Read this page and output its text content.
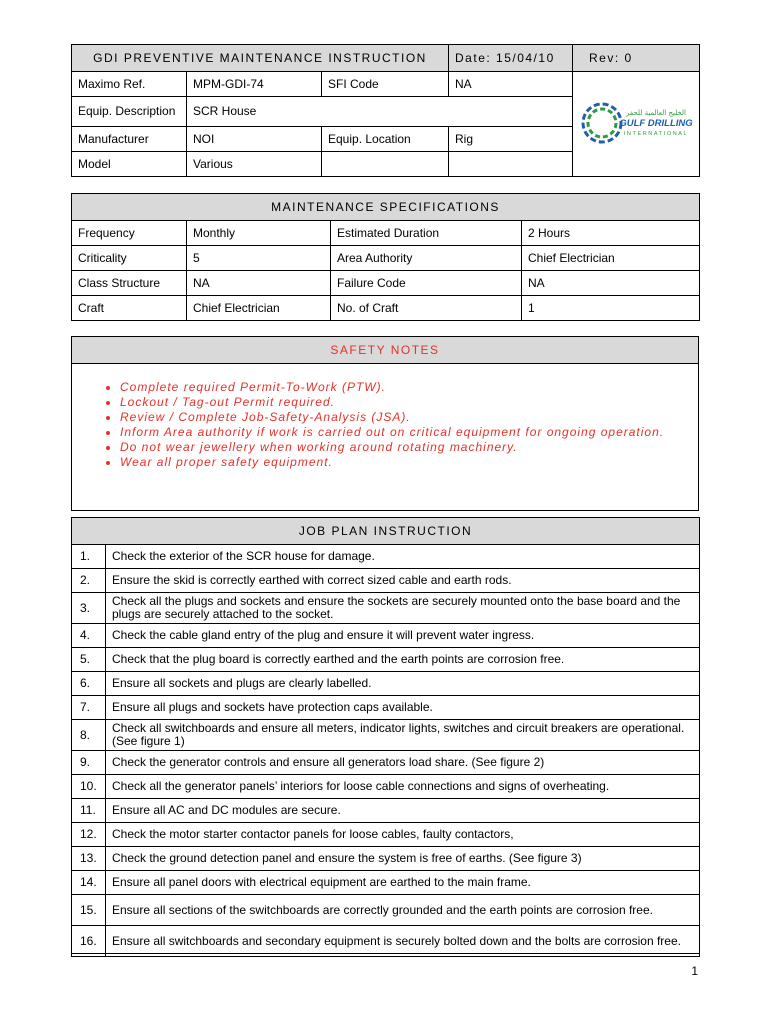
GDI PREVENTIVE MAINTENANCE INSTRUCTION			Date: 15/04/10	Rev: 0
Maximo Ref.	MPM-GDI-74	SFI Code	NA	الخليج العالمية للحفر
GULF DRILLING
INTERNATIONAL

Equip. Description	SCR House			
Manufacturer	NOI	Equip. Location	Rig	
Model	Various			
MAINTENANCE SPECIFICATIONS			
Frequency	Monthly	Estimated Duration	2 Hours
Criticality	5	Area Authority	Chief Electrician
Class Structure	NA	Failure Code	NA
Craft	Chief Electrician	No. of Craft	1
SAFETY NOTES

• Complete required Permit-To-Work (PTW).
• Lockout / Tag-out Permit required.
• Review / Complete Job-Safety-Analysis (JSA).
• Inform Area authority if work is carried out on critical equipment for ongoing operation.
• Do not wear jewellery when working around rotating machinery.
• Wear all proper safety equipment.
JOB PLAN INSTRUCTION	
1.	Check the exterior of the SCR house for damage.
2.	Ensure the skid is correctly earthed with correct sized cable and earth rods.
3.	Check all the plugs and sockets and ensure the sockets are securely mounted onto the base board and the plugs are securely attached to the socket.
4.	Check the cable gland entry of the plug and ensure it will prevent water ingress.
5.	Check that the plug board is correctly earthed and the earth points are corrosion free.
6.	Ensure all sockets and plugs are clearly labelled.
7.	Ensure all plugs and sockets have protection caps available.
8.	Check all switchboards and ensure all meters, indicator lights, switches and circuit breakers are operational. (See figure 1)
9.	Check the generator controls and ensure all generators load share. (See figure 2)
10.	Check all the generator panels’ interiors for loose cable connections and signs of overheating.
11.	Ensure all AC and DC modules are secure.
12.	Check the motor starter contactor panels for loose cables, faulty contactors,
13.	Check the ground detection panel and ensure the system is free of earths. (See figure 3)
14.	Ensure all panel doors with electrical equipment are earthed to the main frame.
15.	Ensure all sections of the switchboards are correctly grounded and the earth points are corrosion free.
16.	Ensure all switchboards and secondary equipment is securely bolted down and the bolts are corrosion free.
1
